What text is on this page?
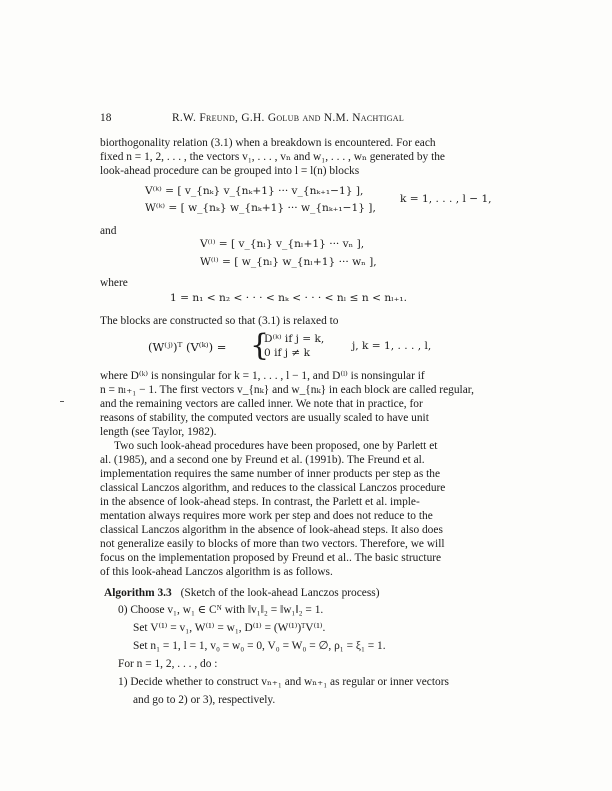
18	R.W. Freund, G.H. Golub and N.M. Nachtigal
biorthogonality relation (3.1) when a breakdown is encountered. For each
fixed n = 1, 2, . . . , the vectors v₁, . . . , vₙ and w₁, . . . , wₙ generated by the
look-ahead procedure can be grouped into l = l(n) blocks
V⁽ᵏ⁾ = [ v_{nₖ} v_{nₖ+1} ··· v_{nₖ₊₁−1} ],
W⁽ᵏ⁾ = [ w_{nₖ} w_{nₖ+1} ··· w_{nₖ₊₁−1} ],
k = 1, . . . , l − 1,
and
V⁽ˡ⁾ = [ v_{nₗ} v_{nₗ+1} ··· vₙ ],
W⁽ˡ⁾ = [ w_{nₗ} w_{nₗ+1} ··· wₙ ],
where
1 = n₁ < n₂ < · · · < nₖ < · · · < nₗ ≤ n < nₗ₊₁.
The blocks are constructed so that (3.1) is relaxed to
(W⁽ʲ⁾)ᵀ (V⁽ᵏ⁾) = {
D⁽ᵏ⁾ if j = k,
0 if j ≠ k
j, k = 1, . . . , l,
where D⁽ᵏ⁾ is nonsingular for k = 1, . . . , l − 1, and D⁽ˡ⁾ is nonsingular if
n = nₗ₊₁ − 1. The first vectors v_{nₖ} and w_{nₖ} in each block are called regular,
and the remaining vectors are called inner. We note that in practice, for
reasons of stability, the computed vectors are usually scaled to have unit
length (see Taylor, 1982).
Two such look-ahead procedures have been proposed, one by Parlett et
al. (1985), and a second one by Freund et al. (1991b). The Freund et al.
implementation requires the same number of inner products per step as the
classical Lanczos algorithm, and reduces to the classical Lanczos procedure
in the absence of look-ahead steps. In contrast, the Parlett et al. imple-
mentation always requires more work per step and does not reduce to the
classical Lanczos algorithm in the absence of look-ahead steps. It also does
not generalize easily to blocks of more than two vectors. Therefore, we will
focus on the implementation proposed by Freund et al.. The basic structure
of this look-ahead Lanczos algorithm is as follows.
Algorithm 3.3 (Sketch of the look-ahead Lanczos process)
0) Choose v₁, w₁ ∈ Cᴺ with ‖v₁‖₂ = ‖w₁‖₂ = 1.
Set V⁽¹⁾ = v₁, W⁽¹⁾ = w₁, D⁽¹⁾ = (W⁽¹⁾)ᵀV⁽¹⁾.
Set n₁ = 1, l = 1, v₀ = w₀ = 0, V₀ = W₀ = ∅, ρ₁ = ξ₁ = 1.
For n = 1, 2, . . . , do :
1) Decide whether to construct vₙ₊₁ and wₙ₊₁ as regular or inner vectors
and go to 2) or 3), respectively.
